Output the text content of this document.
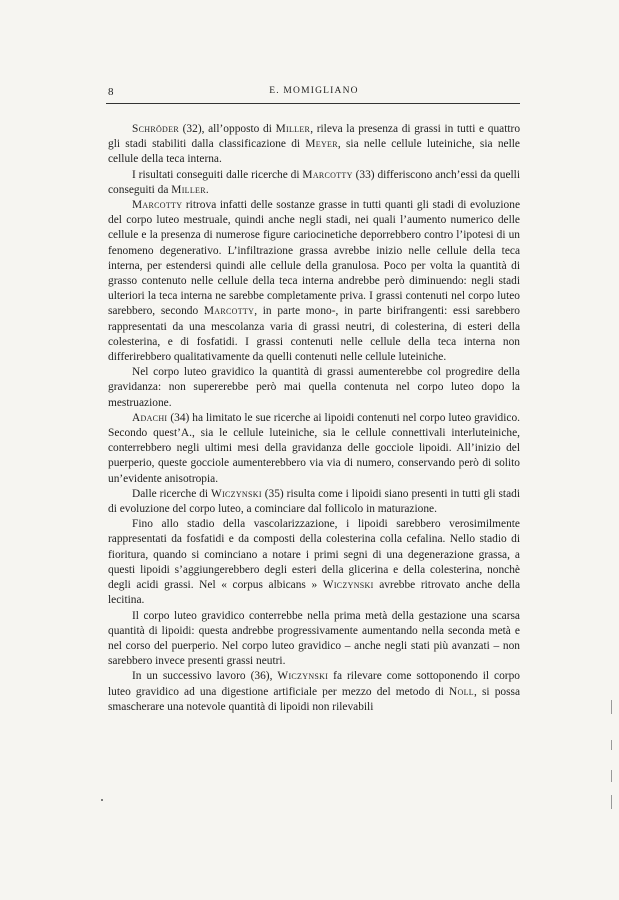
8	E. MOMIGLIANO

Schröder (32), all’opposto di Miller, rileva la presenza di grassi in tutti e quattro gli stadi stabiliti dalla classificazione di Meyer, sia nelle cellule luteiniche, sia nelle cellule della teca interna.

I risultati conseguiti dalle ricerche di Marcotty (33) differiscono anch’essi da quelli conseguiti da Miller.

Marcotty ritrova infatti delle sostanze grasse in tutti quanti gli stadi di evoluzione del corpo luteo mestruale, quindi anche negli stadi, nei quali l’aumento numerico delle cellule e la presenza di numerose figure cariocinetiche deporrebbero contro l’ipotesi di un fenomeno degenerativo. L’infiltrazione grassa avrebbe inizio nelle cellule della teca interna, per estendersi quindi alle cellule della granulosa. Poco per volta la quantità di grasso contenuto nelle cellule della teca interna andrebbe però diminuendo: negli stadi ulteriori la teca interna ne sarebbe completamente priva. I grassi contenuti nel corpo luteo sarebbero, secondo Marcotty, in parte mono-, in parte birifrangenti: essi sarebbero rappresentati da una mescolanza varia di grassi neutri, di colesterina, di esteri della colesterina, e di fosfatidi. I grassi contenuti nelle cellule della teca interna non differirebbero qualitativamente da quelli contenuti nelle cellule luteiniche.

Nel corpo luteo gravidico la quantità di grassi aumenterebbe col progredire della gravidanza: non supererebbe però mai quella contenuta nel corpo luteo dopo la mestruazione.

Adachi (34) ha limitato le sue ricerche ai lipoidi contenuti nel corpo luteo gravidico. Secondo quest’A., sia le cellule luteiniche, sia le cellule connettivali interluteiniche, conterrebbero negli ultimi mesi della gravidanza delle gocciole lipoidi. All’inizio del puerperio, queste gocciole aumenterebbero via via di numero, conservando però di solito un’evidente anisotropia.

Dalle ricerche di Wiczynski (35) risulta come i lipoidi siano presenti in tutti gli stadi di evoluzione del corpo luteo, a cominciare dal follicolo in maturazione.

Fino allo stadio della vascolarizzazione, i lipoidi sarebbero verosimilmente rappresentati da fosfatidi e da composti della colesterina colla cefalina. Nello stadio di fioritura, quando si cominciano a notare i primi segni di una degenerazione grassa, a questi lipoidi s’aggiungerebbero degli esteri della glicerina e della colesterina, nonchè degli acidi grassi. Nel « corpus albicans » Wiczynski avrebbe ritrovato anche della lecitina.

Il corpo luteo gravidico conterrebbe nella prima metà della gestazione una scarsa quantità di lipoidi: questa andrebbe progressivamente aumentando nella seconda metà e nel corso del puerperio. Nel corpo luteo gravidico – anche negli stati più avanzati – non sarebbero invece presenti grassi neutri.

In un successivo lavoro (36), Wiczynski fa rilevare come sottoponendo il corpo luteo gravidico ad una digestione artificiale per mezzo del metodo di Noll, si possa smascherare una notevole quantità di lipoidi non rilevabili
